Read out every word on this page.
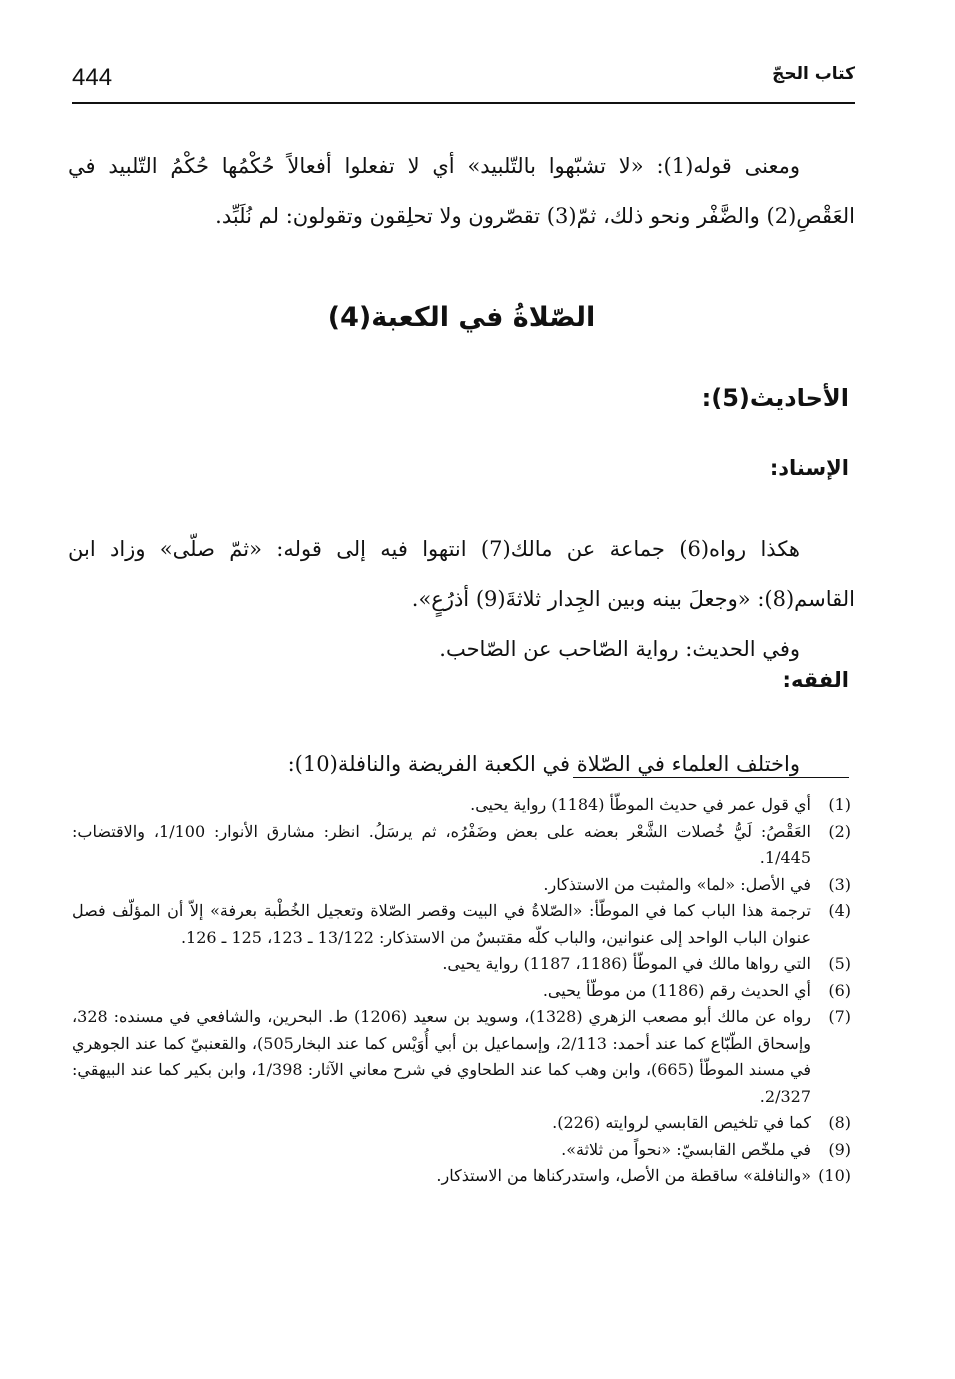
444	كتاب الحجّ

ومعنى قوله(1): «لا تشبّهوا بالتّلبيد» أي لا تفعلوا أفعالاً حُكْمُها حُكْمُ التّلبيد في العَقْصِ(2) والضَّفْر ونحو ذلك، ثمّ(3) تقصّرون ولا تحلِقون وتقولون: لم نُلَبِّد.

الصّلاةُ في الكعبة(4)
الأحاديث(5):
الإسناد:

هكذا رواه(6) جماعة عن مالك(7) انتهوا فيه إلى قوله: «ثمّ صلّى» وزاد ابن القاسم(8): «وجعلَ بينه وبين الجِدار ثلاثةَ(9) أذرُعٍ».

وفي الحديث: رواية الصّاحب عن الصّاحب.

الفقه:

واختلف العلماء في الصّلاة في الكعبة الفريضة والنافلة(10):

(1)
أي قول عمر في حديث الموطّأ (1184) رواية يحيى.
(2)
العَقْصُ: لَيُّ خُصلات الشَّعْر بعضه على بعض وضَفْرُه، ثم يرسَلُ. انظر: مشارق الأنوار: 1/100، والاقتضاب: 1/445.
(3)
في الأصل: «لما» والمثبت من الاستذكار.
(4)
ترجمة هذا الباب كما في الموطّأ: «الصّلاةُ في البيت وقصر الصّلاة وتعجيل الخُطْبة بعرفة» إلاّ أن المؤلّف فصل عنوان الباب الواحد إلى عنوانين، والباب كلّه مقتبسٌ من الاستذكار: 13/122 ـ 123، 125 ـ 126.
(5)
التي رواها مالك في الموطّأ (1186، 1187) رواية يحيى.
(6)
أي الحديث رقم (1186) من موطّأ يحيى.
(7)
رواه عن مالك أبو مصعب الزهري (1328)، وسويد بن سعيد (1206) ط. البحرين، والشافعي في مسنده: 328، وإسحاق الطّبّاع كما عند أحمد: 2/113، وإسماعيل بن أبي أُوَيْس كما عند البخار505)، والقعنبيّ كما عند الجوهري في مسند الموطّأ (665)، وابن وهب كما عند الطحاوي في شرح معاني الآثار: 1/398، وابن بكير كما عند البيهقي: 2/327.
(8)
كما في تلخيص القابسي لروايته (226).
(9)
في ملخّص القابسيّ: «نحواً من ثلاثة».
(10)
«والنافلة» ساقطة من الأصل، واستدركناها من الاستذكار.
